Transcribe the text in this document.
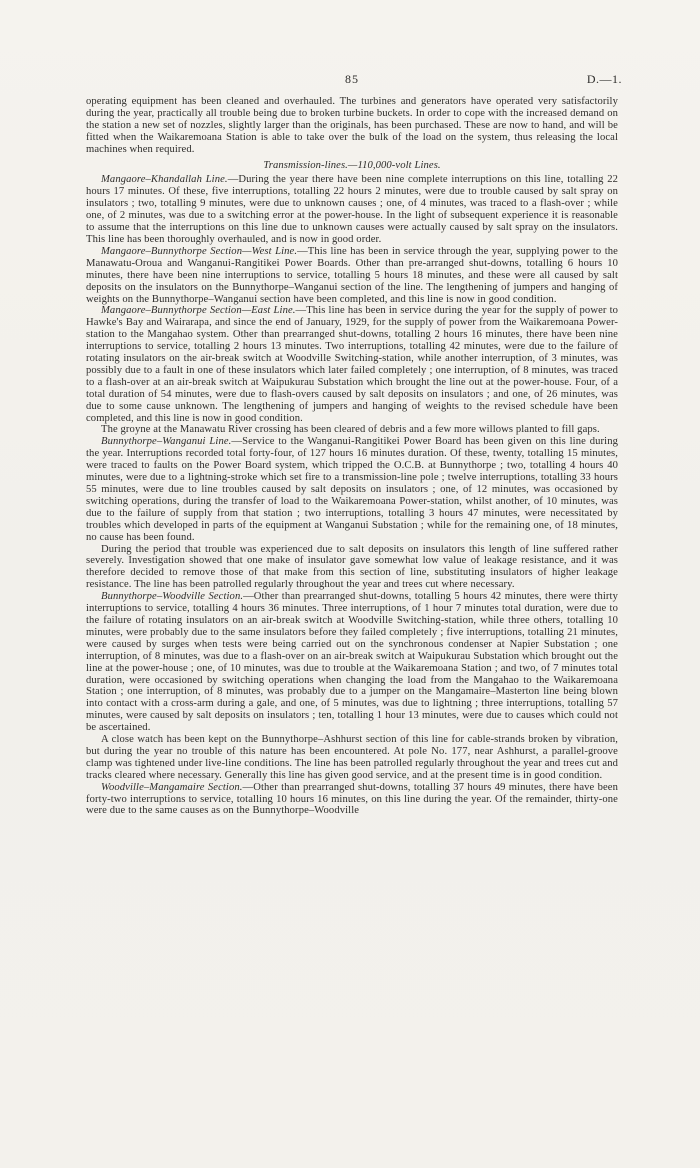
85	D.—1.

operating equipment has been cleaned and overhauled. The turbines and generators have operated very satisfactorily during the year, practically all trouble being due to broken turbine buckets. In order to cope with the increased demand on the station a new set of nozzles, slightly larger than the originals, has been purchased. These are now to hand, and will be fitted when the Waikaremoana Station is able to take over the bulk of the load on the system, thus releasing the local machines when required.

Transmission-lines.—110,000-volt Lines.

Mangaore–Khandallah Line.—During the year there have been nine complete interruptions on this line, totalling 22 hours 17 minutes. Of these, five interruptions, totalling 22 hours 2 minutes, were due to trouble caused by salt spray on insulators ; two, totalling 9 minutes, were due to unknown causes ; one, of 4 minutes, was traced to a flash-over ; while one, of 2 minutes, was due to a switching error at the power-house. In the light of subsequent experience it is reasonable to assume that the interruptions on this line due to unknown causes were actually caused by salt spray on the insulators. This line has been thoroughly overhauled, and is now in good order.

Mangaore–Bunnythorpe Section—West Line.—This line has been in service through the year, supplying power to the Manawatu-Oroua and Wanganui-Rangitikei Power Boards. Other than pre-arranged shut-downs, totalling 6 hours 10 minutes, there have been nine interruptions to service, totalling 5 hours 18 minutes, and these were all caused by salt deposits on the insulators on the Bunnythorpe–Wanganui section of the line. The lengthening of jumpers and hanging of weights on the Bunnythorpe–Wanganui section have been completed, and this line is now in good condition.

Mangaore–Bunnythorpe Section—East Line.—This line has been in service during the year for the supply of power to Hawke's Bay and Wairarapa, and since the end of January, 1929, for the supply of power from the Waikaremoana Power-station to the Mangahao system. Other than prearranged shut-downs, totalling 2 hours 16 minutes, there have been nine interruptions to service, totalling 2 hours 13 minutes. Two interruptions, totalling 42 minutes, were due to the failure of rotating insulators on the air-break switch at Woodville Switching-station, while another interruption, of 3 minutes, was possibly due to a fault in one of these insulators which later failed completely ; one interruption, of 8 minutes, was traced to a flash-over at an air-break switch at Waipukurau Substation which brought the line out at the power-house. Four, of a total duration of 54 minutes, were due to flash-overs caused by salt deposits on insulators ; and one, of 26 minutes, was due to some cause unknown. The lengthening of jumpers and hanging of weights to the revised schedule have been completed, and this line is now in good condition.

The groyne at the Manawatu River crossing has been cleared of debris and a few more willows planted to fill gaps.

Bunnythorpe–Wanganui Line.—Service to the Wanganui-Rangitikei Power Board has been given on this line during the year. Interruptions recorded total forty-four, of 127 hours 16 minutes duration. Of these, twenty, totalling 15 minutes, were traced to faults on the Power Board system, which tripped the O.C.B. at Bunnythorpe ; two, totalling 4 hours 40 minutes, were due to a lightning-stroke which set fire to a transmission-line pole ; twelve interruptions, totalling 33 hours 55 minutes, were due to line troubles caused by salt deposits on insulators ; one, of 12 minutes, was occasioned by switching operations, during the transfer of load to the Waikaremoana Power-station, whilst another, of 10 minutes, was due to the failure of supply from that station ; two interruptions, totalling 3 hours 47 minutes, were necessitated by troubles which developed in parts of the equipment at Wanganui Substation ; while for the remaining one, of 18 minutes, no cause has been found.

During the period that trouble was experienced due to salt deposits on insulators this length of line suffered rather severely. Investigation showed that one make of insulator gave somewhat low value of leakage resistance, and it was therefore decided to remove those of that make from this section of line, substituting insulators of higher leakage resistance. The line has been patrolled regularly throughout the year and trees cut where necessary.

Bunnythorpe–Woodville Section.—Other than prearranged shut-downs, totalling 5 hours 42 minutes, there were thirty interruptions to service, totalling 4 hours 36 minutes. Three interruptions, of 1 hour 7 minutes total duration, were due to the failure of rotating insulators on an air-break switch at Woodville Switching-station, while three others, totalling 10 minutes, were probably due to the same insulators before they failed completely ; five interruptions, totalling 21 minutes, were caused by surges when tests were being carried out on the synchronous condenser at Napier Substation ; one interruption, of 8 minutes, was due to a flash-over on an air-break switch at Waipukurau Substation which brought out the line at the power-house ; one, of 10 minutes, was due to trouble at the Waikaremoana Station ; and two, of 7 minutes total duration, were occasioned by switching operations when changing the load from the Mangahao to the Waikaremoana Station ; one interruption, of 8 minutes, was probably due to a jumper on the Mangamaire–Masterton line being blown into contact with a cross-arm during a gale, and one, of 5 minutes, was due to lightning ; three interruptions, totalling 57 minutes, were caused by salt deposits on insulators ; ten, totalling 1 hour 13 minutes, were due to causes which could not be ascertained.

A close watch has been kept on the Bunnythorpe–Ashhurst section of this line for cable-strands broken by vibration, but during the year no trouble of this nature has been encountered. At pole No. 177, near Ashhurst, a parallel-groove clamp was tightened under live-line conditions. The line has been patrolled regularly throughout the year and trees cut and tracks cleared where necessary. Generally this line has given good service, and at the present time is in good condition.

Woodville–Mangamaire Section.—Other than prearranged shut-downs, totalling 37 hours 49 minutes, there have been forty-two interruptions to service, totalling 10 hours 16 minutes, on this line during the year. Of the remainder, thirty-one were due to the same causes as on the Bunnythorpe–Woodville
